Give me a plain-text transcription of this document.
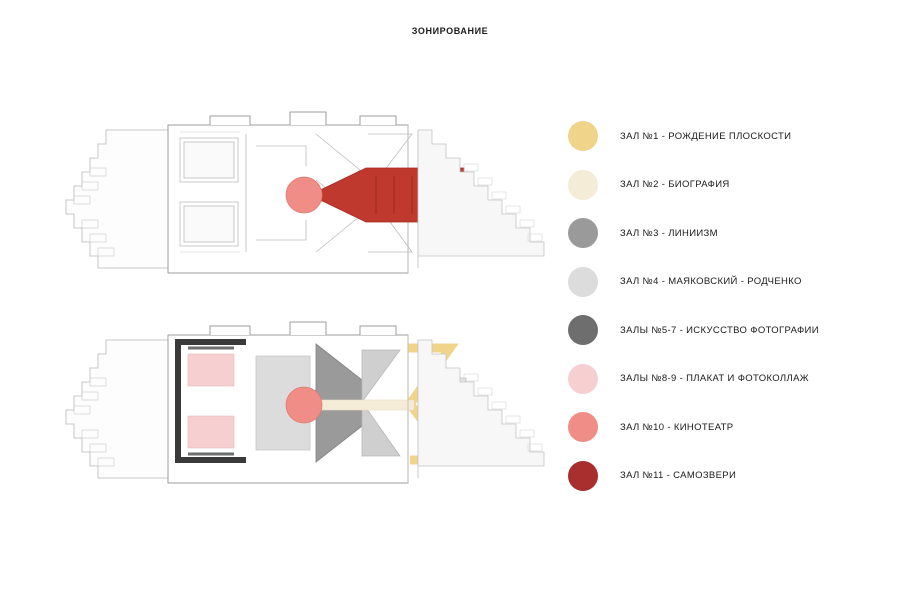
ЗОНИРОВАНИЕ
ЗАЛ №1 - РОЖДЕНИЕ ПЛОСКОСТИ
ЗАЛ №2 - БИОГРАФИЯ
ЗАЛ №3 - ЛИНИИЗМ
ЗАЛ №4 - МАЯКОВСКИЙ - РОДЧЕНКО
ЗАЛЫ №5-7 - ИСКУССТВО ФОТОГРАФИИ
ЗАЛЫ №8-9 - ПЛАКАТ И ФОТОКОЛЛАЖ
ЗАЛ №10 - КИНОТЕАТР
ЗАЛ №11 - САМОЗВЕРИ
